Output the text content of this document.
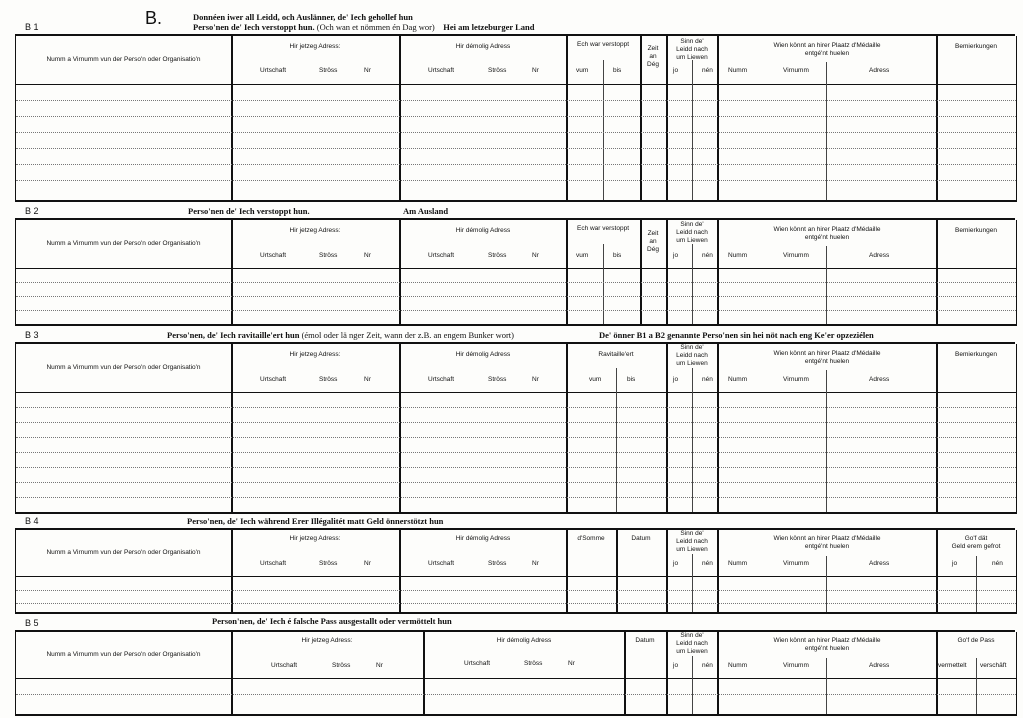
B 1	B.	Donnéen iwer all Leidd, och Auslänner, de' Iech gehollef hun
Perso'nen de' Iech verstoppt hun. (Och wan et nömmen én Dag wor) Hei am letzeburger Land
Numm a Virnumm vun der Perso'n oder Organisatio'n
Hir jetzeg Adress:
Urtschaft	Ströss	Nr
Hir démolig Adress
Urtschaft	Ströss	Nr
Ech war verstoppt
vum	bis
Zeit
an
Dég
Sinn de'
Leidd nach
um Liewen
jo	nén
Wien könnt an hirer Plaatz d'Médaille
entgé'nt huelen
Numm	Virnumm	Adress
Bemierkungen
B 2	Perso'nen de' Iech verstoppt hun.	Am Ausland
Numm a Virnumm vun der Perso'n oder Organisatio'n
Hir jetzeg Adress:
Urtschaft	Ströss	Nr
Hir démolig Adress
Urtschaft	Ströss	Nr
Ech war verstoppt
vum	bis
Zeit
an
Dég
Sinn de'
Leidd nach
um Liewen
jo	nén
Wien könnt an hirer Plaatz d'Médaille
entgé'nt huelen
Numm	Virnumm	Adress
Bemierkungen
B 3	Perso'nen, de' Iech ravitaille'ert hun (émol oder lä nger Zeit, wann der z.B. an engem Bunker wort)	De' önner B1 a B2 genannte Perso'nen sin hei nöt nach eng Ke'er opzeziélen
Numm a Virnumm vun der Perso'n oder Organisatio'n
Hir jetzeg Adress:
Urtschaft	Ströss	Nr
Hir démolig Adress
Urtschaft	Ströss	Nr
Ravitaille'ert
vum	bis
Sinn de'
Leidd nach
um Liewen
jo	nén
Wien könnt an hirer Plaatz d'Médaille
entgé'nt huelen
Numm	Virnumm	Adress
Bemierkungen
B 4	Perso'nen, de' Iech während Erer Illégalitét matt Geld önnerstötzt hun
Numm a Virnumm vun der Perso'n oder Organisatio'n
Hir jetzeg Adress:
Urtschaft	Ströss	Nr
Hir démolig Adress
Urtschaft	Ströss	Nr
d'Somme	Datum
Sinn de'
Leidd nach
um Liewen
jo	nén
Wien könnt an hirer Plaatz d'Médaille
entgé'nt huelen
Numm	Virnumm	Adress
Go'f dät
Geld erem gefrot
jo	nén
B 5	Person'nen, de' Iech é falsche Pass ausgestallt oder vermöttelt hun
Numm a Virnumm vun der Perso'n oder Organisatio'n
Hir jetzeg Adress:
Urtschaft	Ströss	Nr
Hir démolig Adress
Urtschaft	Ströss	Nr
Datum
Sinn de'
Leidd nach
um Liewen
jo	nén
Wien könnt an hirer Plaatz d'Médaille
entgé'nt huelen
Numm	Virnumm	Adress
Go'f de Pass
vermettelt verschäft
